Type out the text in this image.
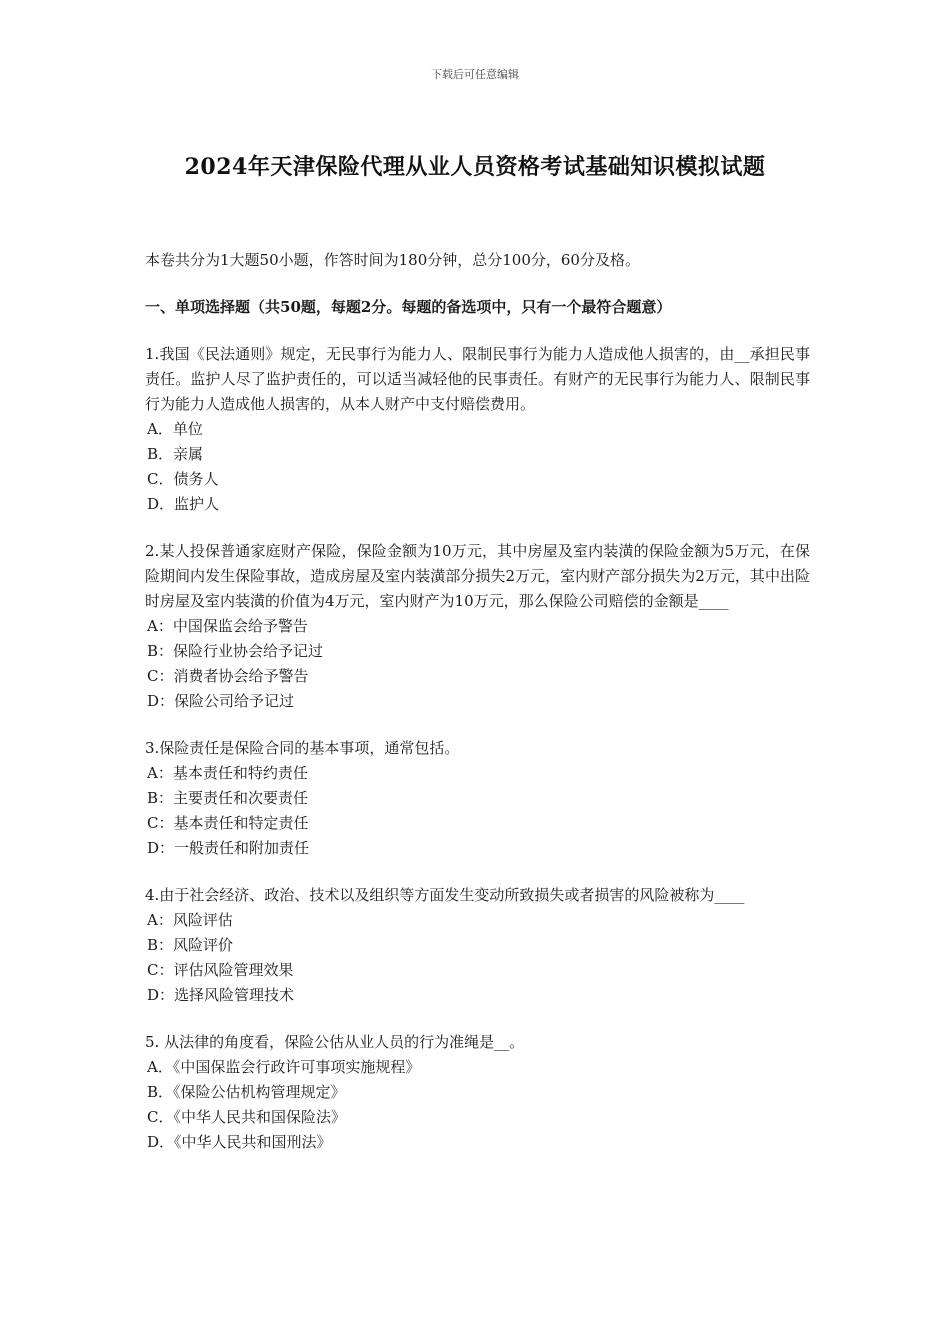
下载后可任意编辑
2024年天津保险代理从业人员资格考试基础知识模拟试题

本卷共分为1大题50小题，作答时间为180分钟，总分100分，60分及格。

一、单项选择题（共50题，每题2分。每题的备选项中，只有一个最符合题意）

1.我国《民法通则》规定，无民事行为能力人、限制民事行为能力人造成他人损害的，由__承担民事责任。监护人尽了监护责任的，可以适当减轻他的民事责任。有财产的无民事行为能力人、限制民事行为能力人造成他人损害的，从本人财产中支付赔偿费用。

A．单位
B．亲属
C．债务人
D．监护人

2.某人投保普通家庭财产保险，保险金额为10万元，其中房屋及室内装潢的保险金额为5万元，在保险期间内发生保险事故，造成房屋及室内装潢部分损失2万元，室内财产部分损失为2万元，其中出险时房屋及室内装潢的价值为4万元，室内财产为10万元，那么保险公司赔偿的金额是____

A：中国保监会给予警告
B：保险行业协会给予记过
C：消费者协会给予警告
D：保险公司给予记过

3.保险责任是保险合同的基本事项，通常包括。

A：基本责任和特约责任
B：主要责任和次要责任
C：基本责任和特定责任
D：一般责任和附加责任

4.由于社会经济、政治、技术以及组织等方面发生变动所致损失或者损害的风险被称为____

A：风险评估
B：风险评价
C：评估风险管理效果
D：选择风险管理技术

5. 从法律的角度看，保险公估从业人员的行为准绳是__。

A．《中国保监会行政许可事项实施规程》
B．《保险公估机构管理规定》
C．《中华人民共和国保险法》
D．《中华人民共和国刑法》
